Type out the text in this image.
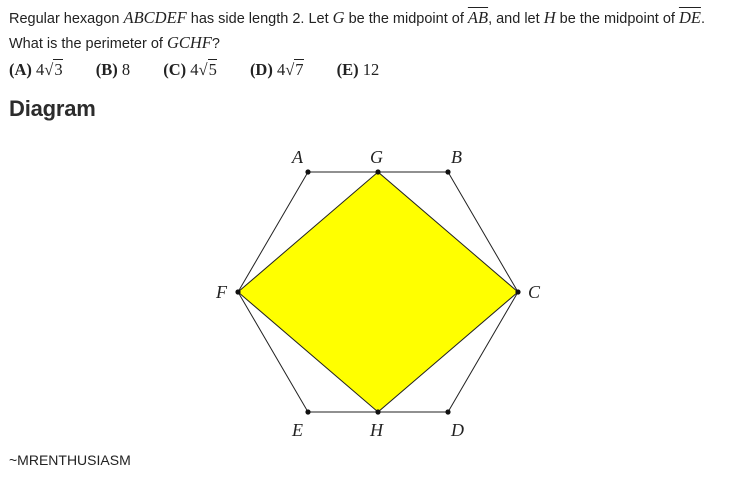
Regular hexagon ABCDEF has side length 2. Let G be the midpoint of $\overline{AB}$, and let H be the midpoint of $\overline{DE}$. What is the perimeter of GCHF?
(A) 4√3 (B) 8 (C) 4√5 (D) 4√7 (E) 12
Diagram
A	G	B
F	C
E	H	D
~MRENTHUSIASM
